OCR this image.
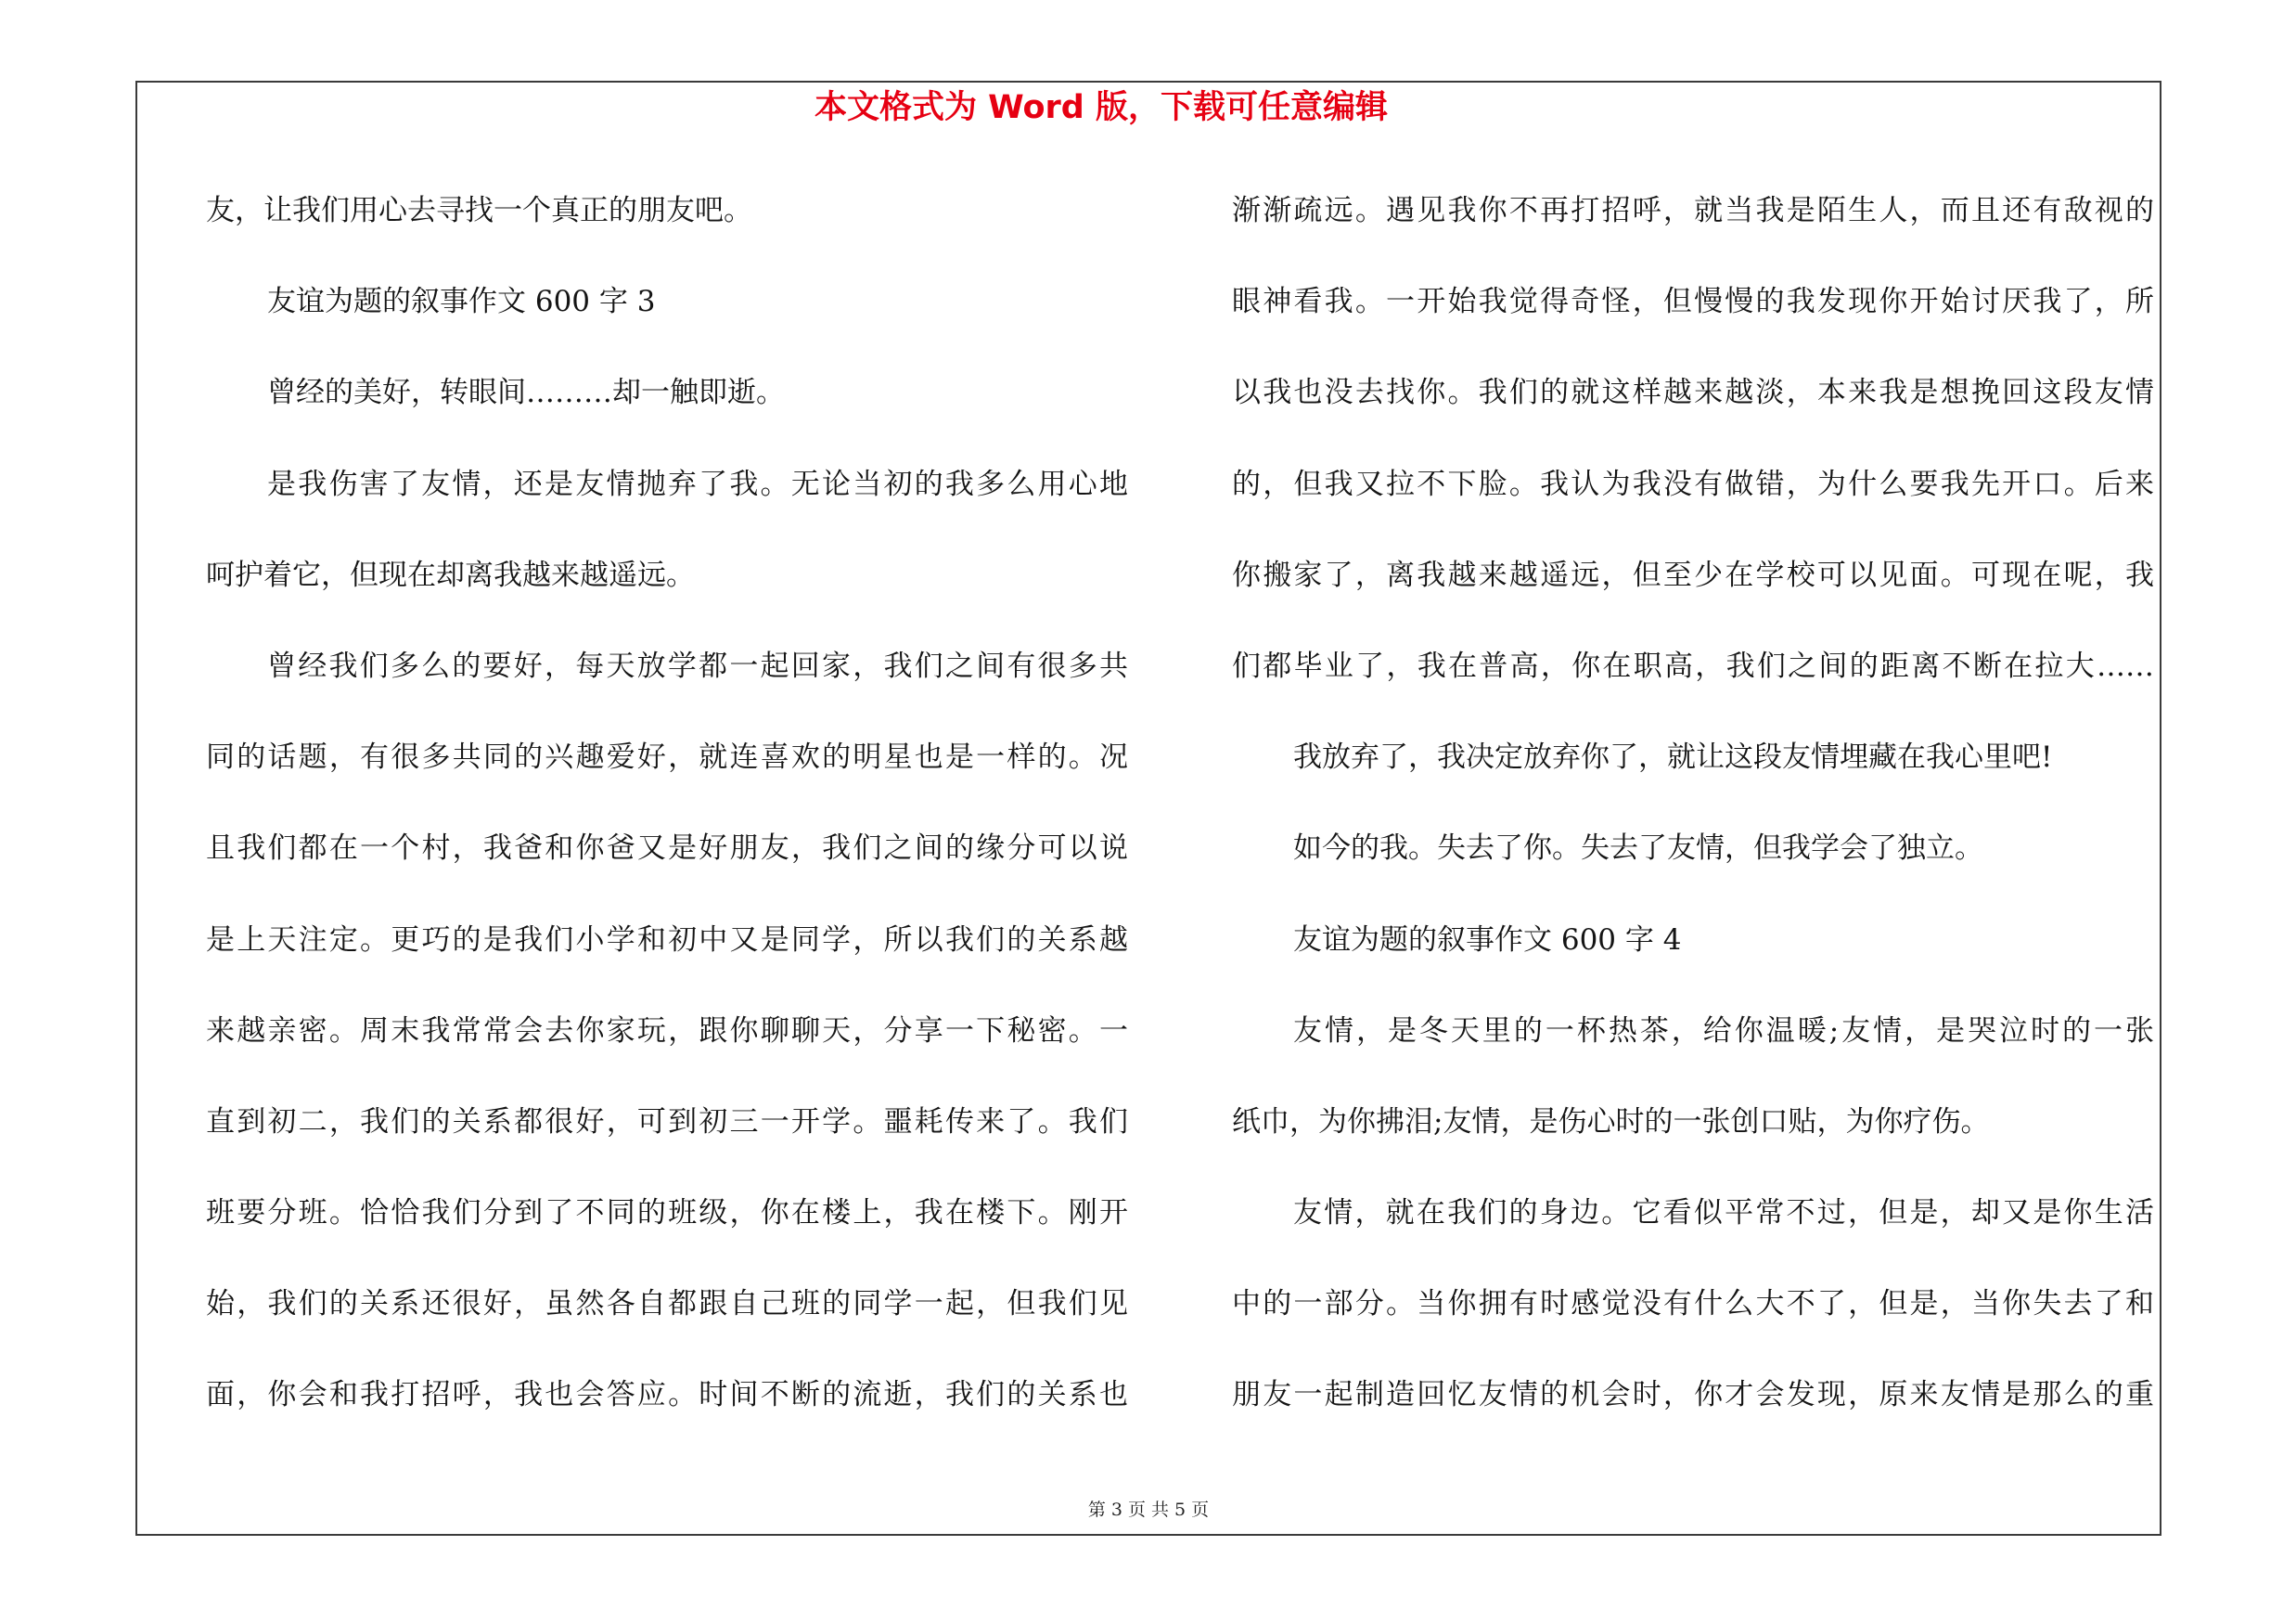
本文格式为 Word 版，下载可任意编辑
友，让我们用心去寻找一个真正的朋友吧。
友谊为题的叙事作文 600 字 3
曾经的美好，转眼间………却一触即逝。
是我伤害了友情，还是友情抛弃了我。无论当初的我多么用心地
呵护着它，但现在却离我越来越遥远。
曾经我们多么的要好，每天放学都一起回家，我们之间有很多共
同的话题，有很多共同的兴趣爱好，就连喜欢的明星也是一样的。况
且我们都在一个村，我爸和你爸又是好朋友，我们之间的缘分可以说
是上天注定。更巧的是我们小学和初中又是同学，所以我们的关系越
来越亲密。周末我常常会去你家玩，跟你聊聊天，分享一下秘密。一
直到初二，我们的关系都很好，可到初三一开学。噩耗传来了。我们
班要分班。恰恰我们分到了不同的班级，你在楼上，我在楼下。刚开
始，我们的关系还很好，虽然各自都跟自己班的同学一起，但我们见
面，你会和我打招呼，我也会答应。时间不断的流逝，我们的关系也
渐渐疏远。遇见我你不再打招呼，就当我是陌生人，而且还有敌视的
眼神看我。一开始我觉得奇怪，但慢慢的我发现你开始讨厌我了，所
以我也没去找你。我们的就这样越来越淡，本来我是想挽回这段友情
的，但我又拉不下脸。我认为我没有做错，为什么要我先开口。后来
你搬家了，离我越来越遥远，但至少在学校可以见面。可现在呢，我
们都毕业了，我在普高，你在职高，我们之间的距离不断在拉大……
我放弃了，我决定放弃你了，就让这段友情埋藏在我心里吧!
如今的我。失去了你。失去了友情，但我学会了独立。
友谊为题的叙事作文 600 字 4
友情，是冬天里的一杯热茶，给你温暖;友情，是哭泣时的一张
纸巾，为你拂泪;友情，是伤心时的一张创口贴，为你疗伤。
友情，就在我们的身边。它看似平常不过，但是，却又是你生活
中的一部分。当你拥有时感觉没有什么大不了，但是，当你失去了和
朋友一起制造回忆友情的机会时，你才会发现，原来友情是那么的重
第 3 页 共 5 页
